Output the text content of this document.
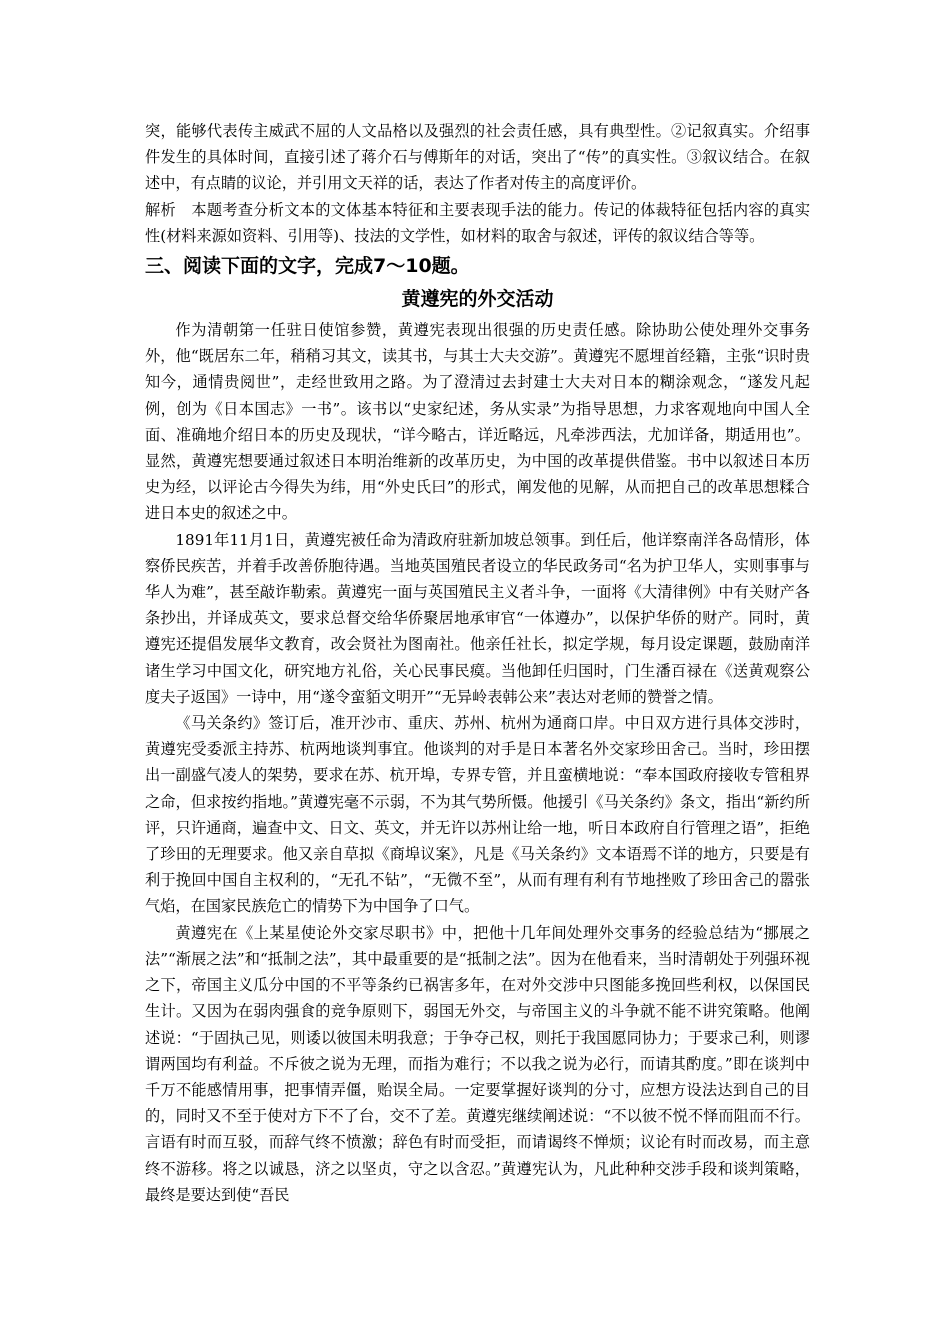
突，能够代表传主威武不屈的人文品格以及强烈的社会责任感，具有典型性。②记叙真实。介绍事件发生的具体时间，直接引述了蒋介石与傅斯年的对话，突出了“传”的真实性。③叙议结合。在叙述中，有点睛的议论，并引用文天祥的话，表达了作者对传主的高度评价。

解析　本题考查分析文本的文体基本特征和主要表现手法的能力。传记的体裁特征包括内容的真实性(材料来源如资料、引用等)、技法的文学性，如材料的取舍与叙述，评传的叙议结合等等。

三、阅读下面的文字，完成7～10题。
黄遵宪的外交活动

作为清朝第一任驻日使馆参赞，黄遵宪表现出很强的历史责任感。除协助公使处理外交事务外，他“既居东二年，稍稍习其文，读其书，与其士大夫交游”。黄遵宪不愿埋首经籍，主张“识时贵知今，通情贵阅世”，走经世致用之路。为了澄清过去封建士大夫对日本的糊涂观念，“遂发凡起例，创为《日本国志》一书”。该书以“史家纪述，务从实录”为指导思想，力求客观地向中国人全面、准确地介绍日本的历史及现状，“详今略古，详近略远，凡牵涉西法，尤加详备，期适用也”。显然，黄遵宪想要通过叙述日本明治维新的改革历史，为中国的改革提供借鉴。书中以叙述日本历史为经，以评论古今得失为纬，用“外史氏曰”的形式，阐发他的见解，从而把自己的改革思想糅合进日本史的叙述之中。

1891年11月1日，黄遵宪被任命为清政府驻新加坡总领事。到任后，他详察南洋各岛情形，体察侨民疾苦，并着手改善侨胞待遇。当地英国殖民者设立的华民政务司“名为护卫华人，实则事事与华人为难”，甚至敲诈勒索。黄遵宪一面与英国殖民主义者斗争，一面将《大清律例》中有关财产各条抄出，并译成英文，要求总督交给华侨聚居地承审官“一体遵办”，以保护华侨的财产。同时，黄遵宪还提倡发展华文教育，改会贤社为图南社。他亲任社长，拟定学规，每月设定课题，鼓励南洋诸生学习中国文化，研究地方礼俗，关心民事民瘼。当他卸任归国时，门生潘百禄在《送黄观察公度夫子返国》一诗中，用“遂令蛮貊文明开”“无异岭表韩公来”表达对老师的赞誉之情。

《马关条约》签订后，准开沙市、重庆、苏州、杭州为通商口岸。中日双方进行具体交涉时，黄遵宪受委派主持苏、杭两地谈判事宜。他谈判的对手是日本著名外交家珍田舍己。当时，珍田摆出一副盛气凌人的架势，要求在苏、杭开埠，专界专管，并且蛮横地说：“奉本国政府接收专管租界之命，但求按约指地。”黄遵宪毫不示弱，不为其气势所慑。他援引《马关条约》条文，指出“新约所评，只许通商，遍查中文、日文、英文，并无许以苏州让给一地，听日本政府自行管理之语”，拒绝了珍田的无理要求。他又亲自草拟《商埠议案》，凡是《马关条约》文本语焉不详的地方，只要是有利于挽回中国自主权利的，“无孔不钻”，“无微不至”，从而有理有利有节地挫败了珍田舍己的嚣张气焰，在国家民族危亡的情势下为中国争了口气。

黄遵宪在《上某星使论外交家尽职书》中，把他十几年间处理外交事务的经验总结为“挪展之法”“渐展之法”和“抵制之法”，其中最重要的是“抵制之法”。因为在他看来，当时清朝处于列强环视之下，帝国主义瓜分中国的不平等条约已祸害多年，在对外交涉中只图能多挽回些利权，以保国民生计。又因为在弱肉强食的竞争原则下，弱国无外交，与帝国主义的斗争就不能不讲究策略。他阐述说：“于固执己见，则诿以彼国未明我意；于争夺己权，则托于我国愿同协力；于要求己利，则谬谓两国均有利益。不斥彼之说为无理，而指为难行；不以我之说为必行，而请其酌度。”即在谈判中千万不能感情用事，把事情弄僵，贻误全局。一定要掌握好谈判的分寸，应想方设法达到自己的目的，同时又不至于使对方下不了台，交不了差。黄遵宪继续阐述说：“不以彼不悦不怿而阻而不行。言语有时而互驳，而辞气终不愤激；辞色有时而受拒，而请谒终不惮烦；议论有时而改易，而主意终不游移。将之以诚恳，济之以坚贞，守之以含忍。”黄遵宪认为，凡此种种交涉手段和谈判策略，最终是要达到使“吾民
